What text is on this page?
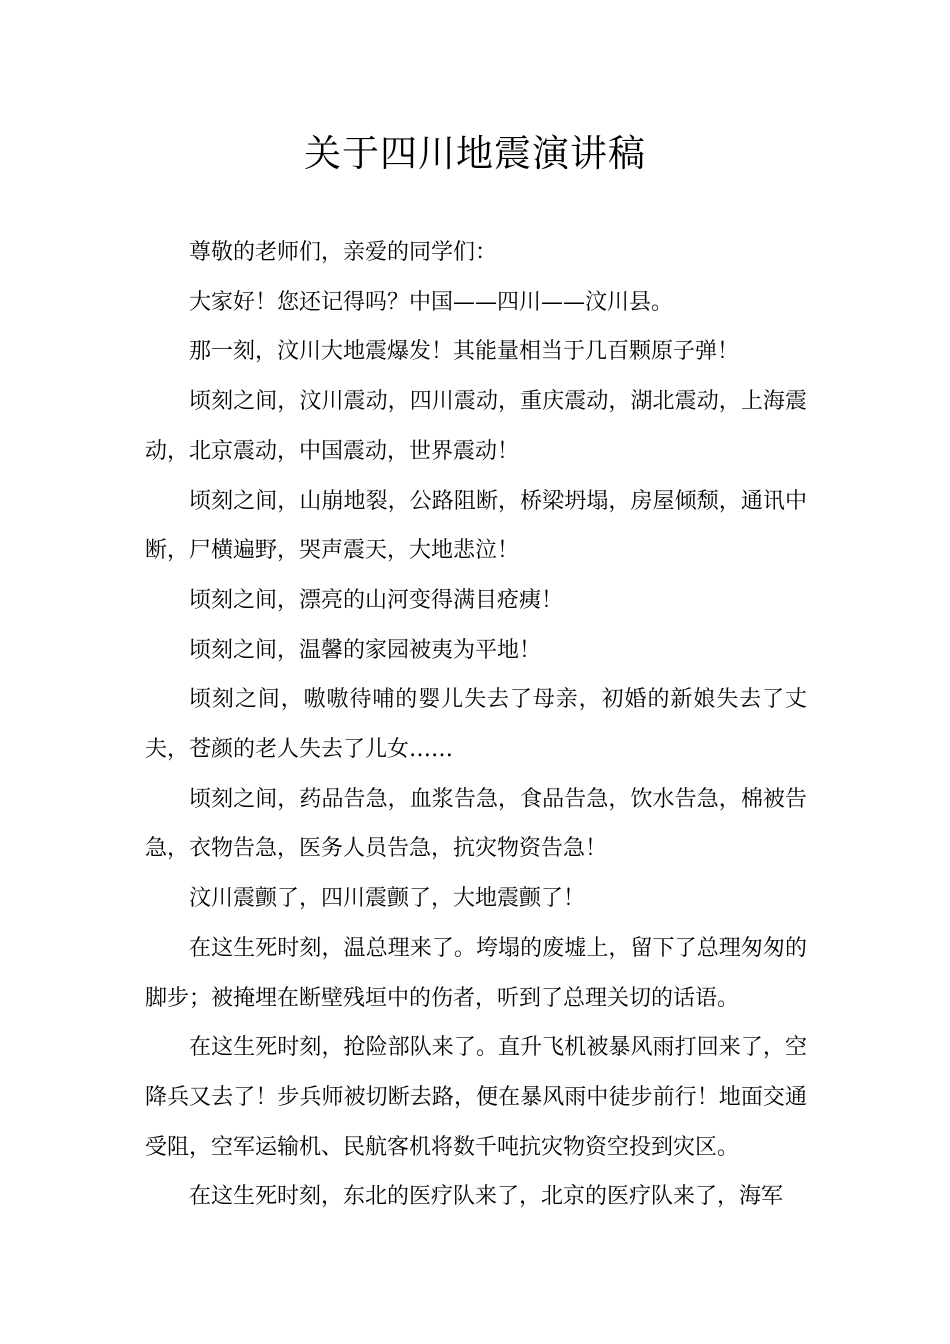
关于四川地震演讲稿

尊敬的老师们，亲爱的同学们：

大家好！您还记得吗？中国——四川——汶川县。

那一刻，汶川大地震爆发！其能量相当于几百颗原子弹！

顷刻之间，汶川震动，四川震动，重庆震动，湖北震动，上海震动，北京震动，中国震动，世界震动！

顷刻之间，山崩地裂，公路阻断，桥梁坍塌，房屋倾颓，通讯中断，尸横遍野，哭声震天，大地悲泣！

顷刻之间，漂亮的山河变得满目疮痍！

顷刻之间，温馨的家园被夷为平地！

顷刻之间，嗷嗷待哺的婴儿失去了母亲，初婚的新娘失去了丈夫，苍颜的老人失去了儿女……

顷刻之间，药品告急，血浆告急，食品告急，饮水告急，棉被告急，衣物告急，医务人员告急，抗灾物资告急！

汶川震颤了，四川震颤了，大地震颤了！

在这生死时刻，温总理来了。垮塌的废墟上，留下了总理匆匆的脚步；被掩埋在断壁残垣中的伤者，听到了总理关切的话语。

在这生死时刻，抢险部队来了。直升飞机被暴风雨打回来了，空降兵又去了！步兵师被切断去路，便在暴风雨中徒步前行！地面交通受阻，空军运输机、民航客机将数千吨抗灾物资空投到灾区。

在这生死时刻，东北的医疗队来了，北京的医疗队来了，海军
